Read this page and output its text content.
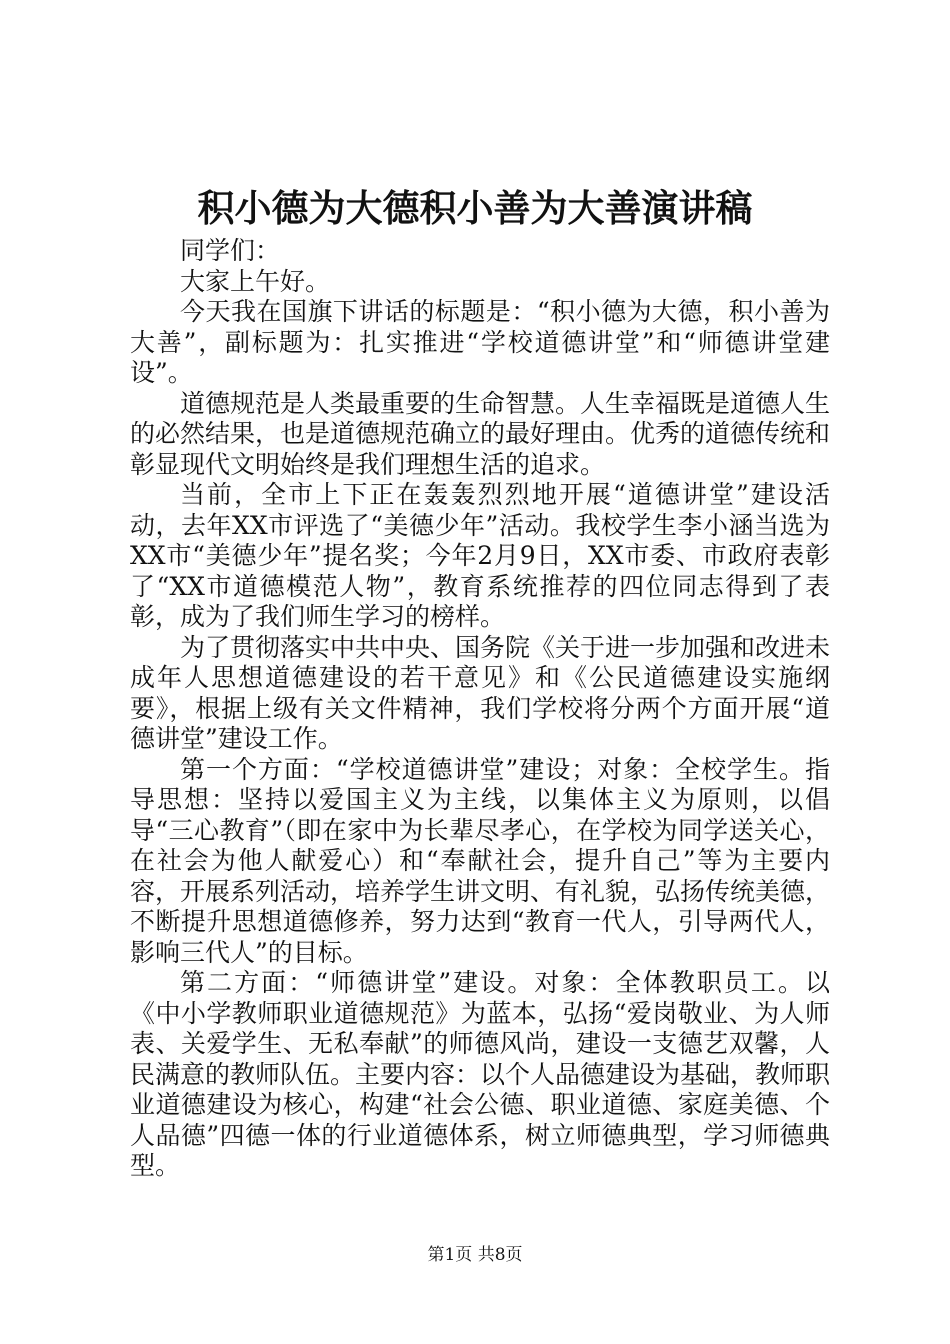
积小德为大德积小善为大善演讲稿

同学们：

大家上午好。

今天我在国旗下讲话的标题是：“积小德为大德，积小善为大善”，副标题为：扎实推进“学校道德讲堂”和“师德讲堂建设”。

道德规范是人类最重要的生命智慧。人生幸福既是道德人生的必然结果，也是道德规范确立的最好理由。优秀的道德传统和彰显现代文明始终是我们理想生活的追求。

当前，全市上下正在轰轰烈烈地开展“道德讲堂”建设活动，去年XX市评选了“美德少年”活动。我校学生李小涵当选为XX市“美德少年”提名奖；今年2月9日，XX市委、市政府表彰了“XX市道德模范人物”，教育系统推荐的四位同志得到了表彰，成为了我们师生学习的榜样。

为了贯彻落实中共中央、国务院《关于进一步加强和改进未成年人思想道德建设的若干意见》和《公民道德建设实施纲要》，根据上级有关文件精神，我们学校将分两个方面开展“道德讲堂”建设工作。

第一个方面：“学校道德讲堂”建设；对象：全校学生。指导思想：坚持以爱国主义为主线，以集体主义为原则，以倡导“三心教育”（即在家中为长辈尽孝心，在学校为同学送关心，在社会为他人献爱心）和“奉献社会，提升自己”等为主要内容，开展系列活动，培养学生讲文明、有礼貌，弘扬传统美德，不断提升思想道德修养，努力达到“教育一代人，引导两代人，影响三代人”的目标。

第二方面：“师德讲堂”建设。对象：全体教职员工。以《中小学教师职业道德规范》为蓝本，弘扬“爱岗敬业、为人师表、关爱学生、无私奉献”的师德风尚，建设一支德艺双馨，人民满意的教师队伍。主要内容：以个人品德建设为基础，教师职业道德建设为核心，构建“社会公德、职业道德、家庭美德、个人品德”四德一体的行业道德体系，树立师德典型，学习师德典型。

第1页 共8页
